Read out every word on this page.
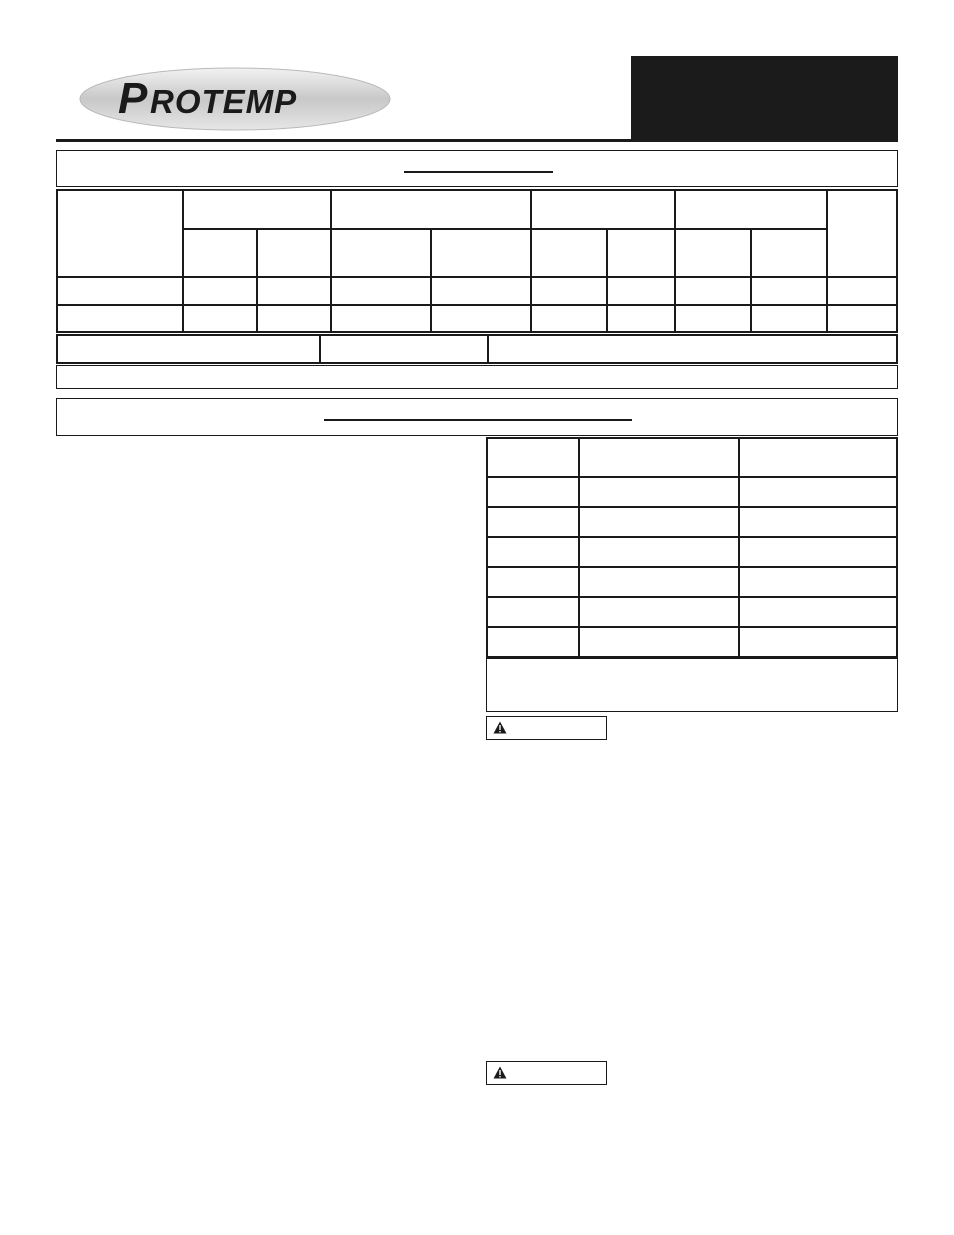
P ROTEMP
